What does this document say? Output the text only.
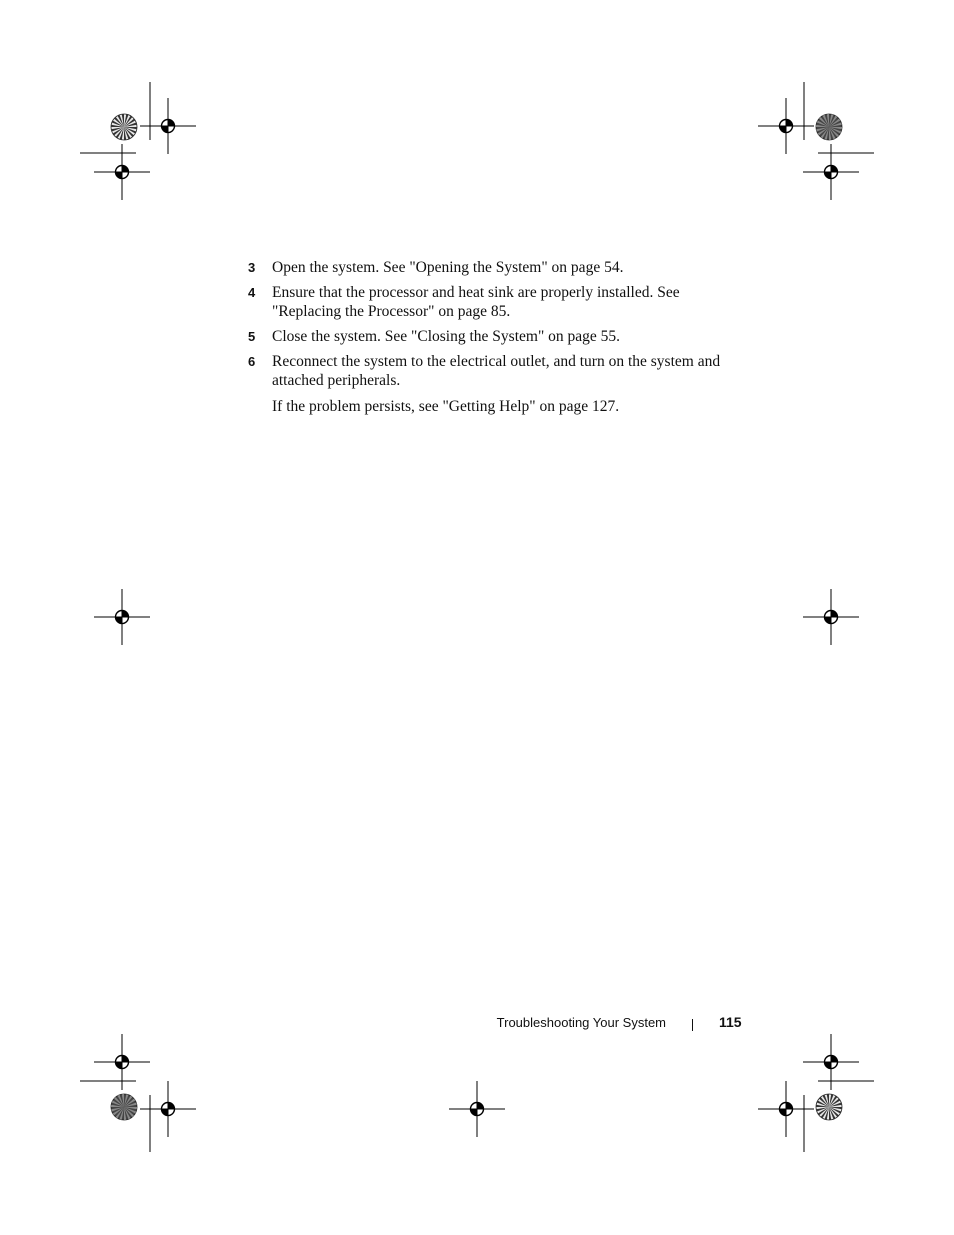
3 Open the system. See "Opening the System" on page 54.
4 Ensure that the processor and heat sink are properly installed. See "Replacing the Processor" on page 85.
5 Close the system. See "Closing the System" on page 55.
6 Reconnect the system to the electrical outlet, and turn on the system and attached peripherals.

If the problem persists, see "Getting Help" on page 127.

Troubleshooting Your System	115
